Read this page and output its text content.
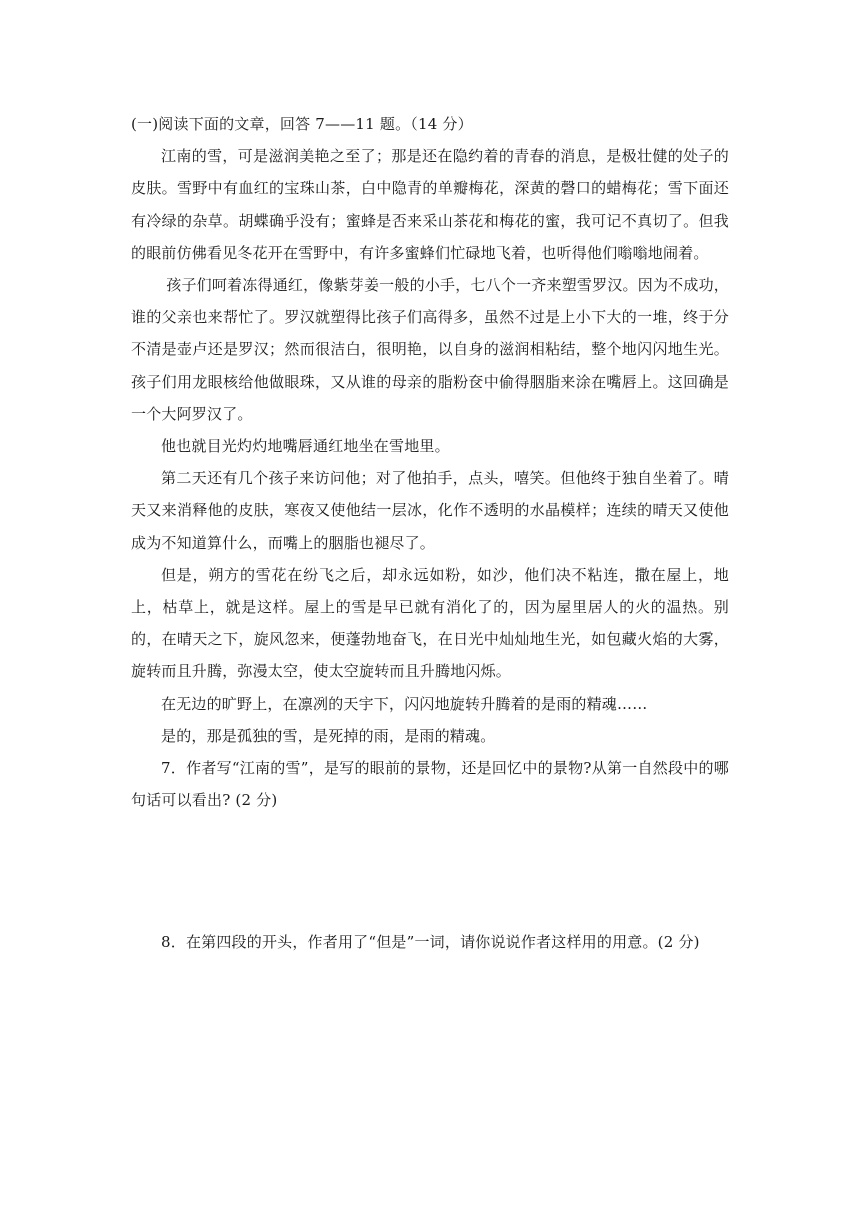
(一)阅读下面的文章，回答 7——11 题。（14 分）

江南的雪，可是滋润美艳之至了；那是还在隐约着的青春的消息，是极壮健的处子的皮肤。雪野中有血红的宝珠山茶，白中隐青的单瓣梅花，深黄的磬口的蜡梅花；雪下面还有冷绿的杂草。胡蝶确乎没有；蜜蜂是否来采山茶花和梅花的蜜，我可记不真切了。但我的眼前仿佛看见冬花开在雪野中，有许多蜜蜂们忙碌地飞着，也听得他们嗡嗡地闹着。

孩子们呵着冻得通红，像紫芽姜一般的小手，七八个一齐来塑雪罗汉。因为不成功，谁的父亲也来帮忙了。罗汉就塑得比孩子们高得多，虽然不过是上小下大的一堆，终于分不清是壶卢还是罗汉；然而很洁白，很明艳，以自身的滋润相粘结，整个地闪闪地生光。孩子们用龙眼核给他做眼珠，又从谁的母亲的脂粉奁中偷得胭脂来涂在嘴唇上。这回确是一个大阿罗汉了。

他也就目光灼灼地嘴唇通红地坐在雪地里。

第二天还有几个孩子来访问他；对了他拍手，点头，嘻笑。但他终于独自坐着了。晴天又来消释他的皮肤，寒夜又使他结一层冰，化作不透明的水晶模样；连续的晴天又使他成为不知道算什么，而嘴上的胭脂也褪尽了。

但是，朔方的雪花在纷飞之后，却永远如粉，如沙，他们决不粘连，撒在屋上，地上，枯草上，就是这样。屋上的雪是早已就有消化了的，因为屋里居人的火的温热。别的，在晴天之下，旋风忽来，便蓬勃地奋飞，在日光中灿灿地生光，如包藏火焰的大雾，旋转而且升腾，弥漫太空，使太空旋转而且升腾地闪烁。

在无边的旷野上，在凛冽的天宇下，闪闪地旋转升腾着的是雨的精魂……

是的，那是孤独的雪，是死掉的雨，是雨的精魂。

7．作者写“江南的雪”，是写的眼前的景物，还是回忆中的景物?从第一自然段中的哪句话可以看出? (2 分)

8．在第四段的开头，作者用了“但是”一词，请你说说作者这样用的用意。(2 分)
